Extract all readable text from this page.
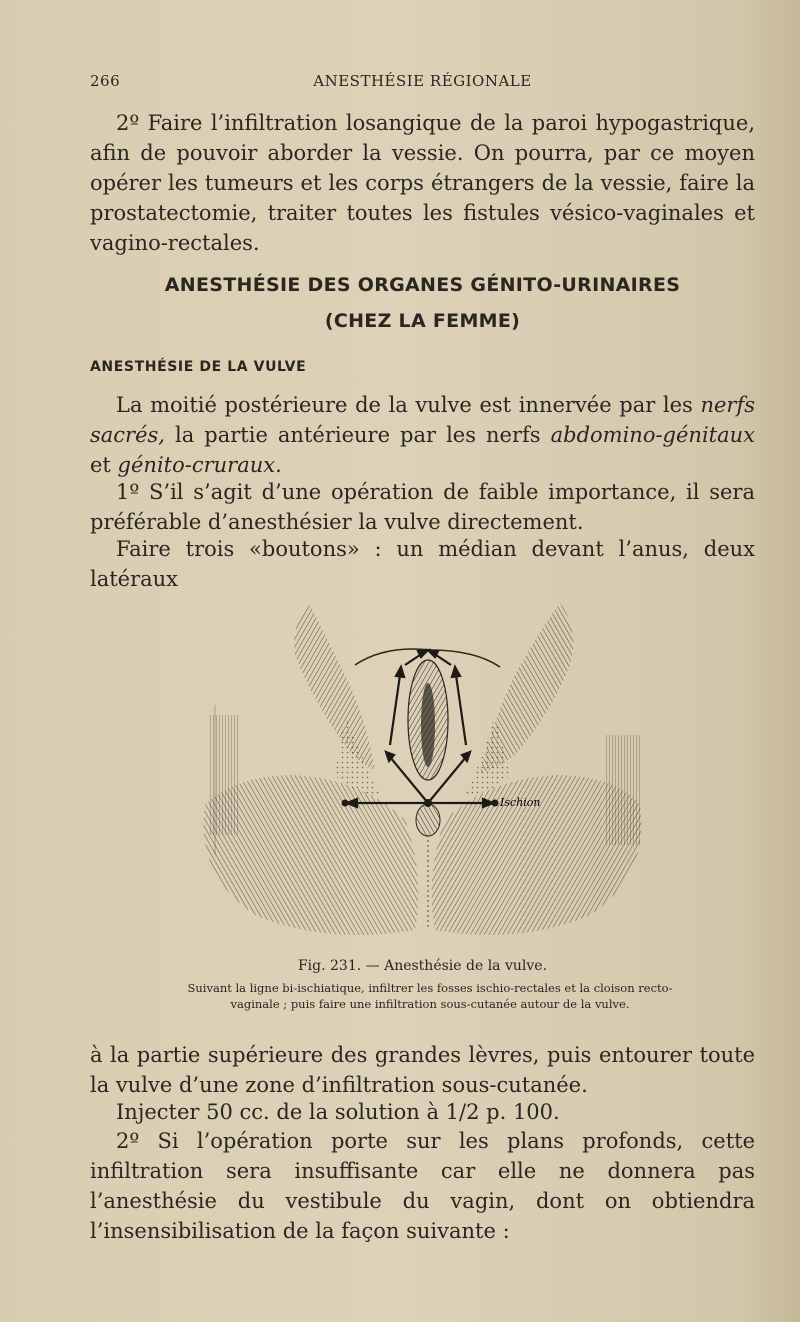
266	ANESTHÉSIE RÉGIONALE

2º Faire l’infiltration losangique de la paroi hypogastrique, afin de pouvoir aborder la vessie. On pourra, par ce moyen opérer les tumeurs et les corps étrangers de la vessie, faire la prostatectomie, traiter toutes les fistules vésico-vaginales et vagino-rectales.

ANESTHÉSIE DES ORGANES GÉNITO-URINAIRES
(CHEZ LA FEMME)
ANESTHÉSIE DE LA VULVE

La moitié postérieure de la vulve est innervée par les nerfs sacrés, la partie antérieure par les nerfs abdomino-génitaux et génito-cruraux.

1º S’il s’agit d’une opération de faible importance, il sera préférable d’anesthésier la vulve directement.

Faire trois «boutons» : un médian devant l’anus, deux latéraux

Ischion
Fig. 231. — Anesthésie de la vulve.
Suivant la ligne bi-ischiatique, infiltrer les fosses ischio-rectales et la cloison recto-vaginale ; puis faire une infiltration sous-cutanée autour de la vulve.

à la partie supérieure des grandes lèvres, puis entourer toute la vulve d’une zone d’infiltration sous-cutanée.

Injecter 50 cc. de la solution à 1/2 p. 100.

2º Si l’opération porte sur les plans profonds, cette infiltration sera insuffisante car elle ne donnera pas l’anesthésie du vestibule du vagin, dont on obtiendra l’insensibilisation de la façon suivante :
